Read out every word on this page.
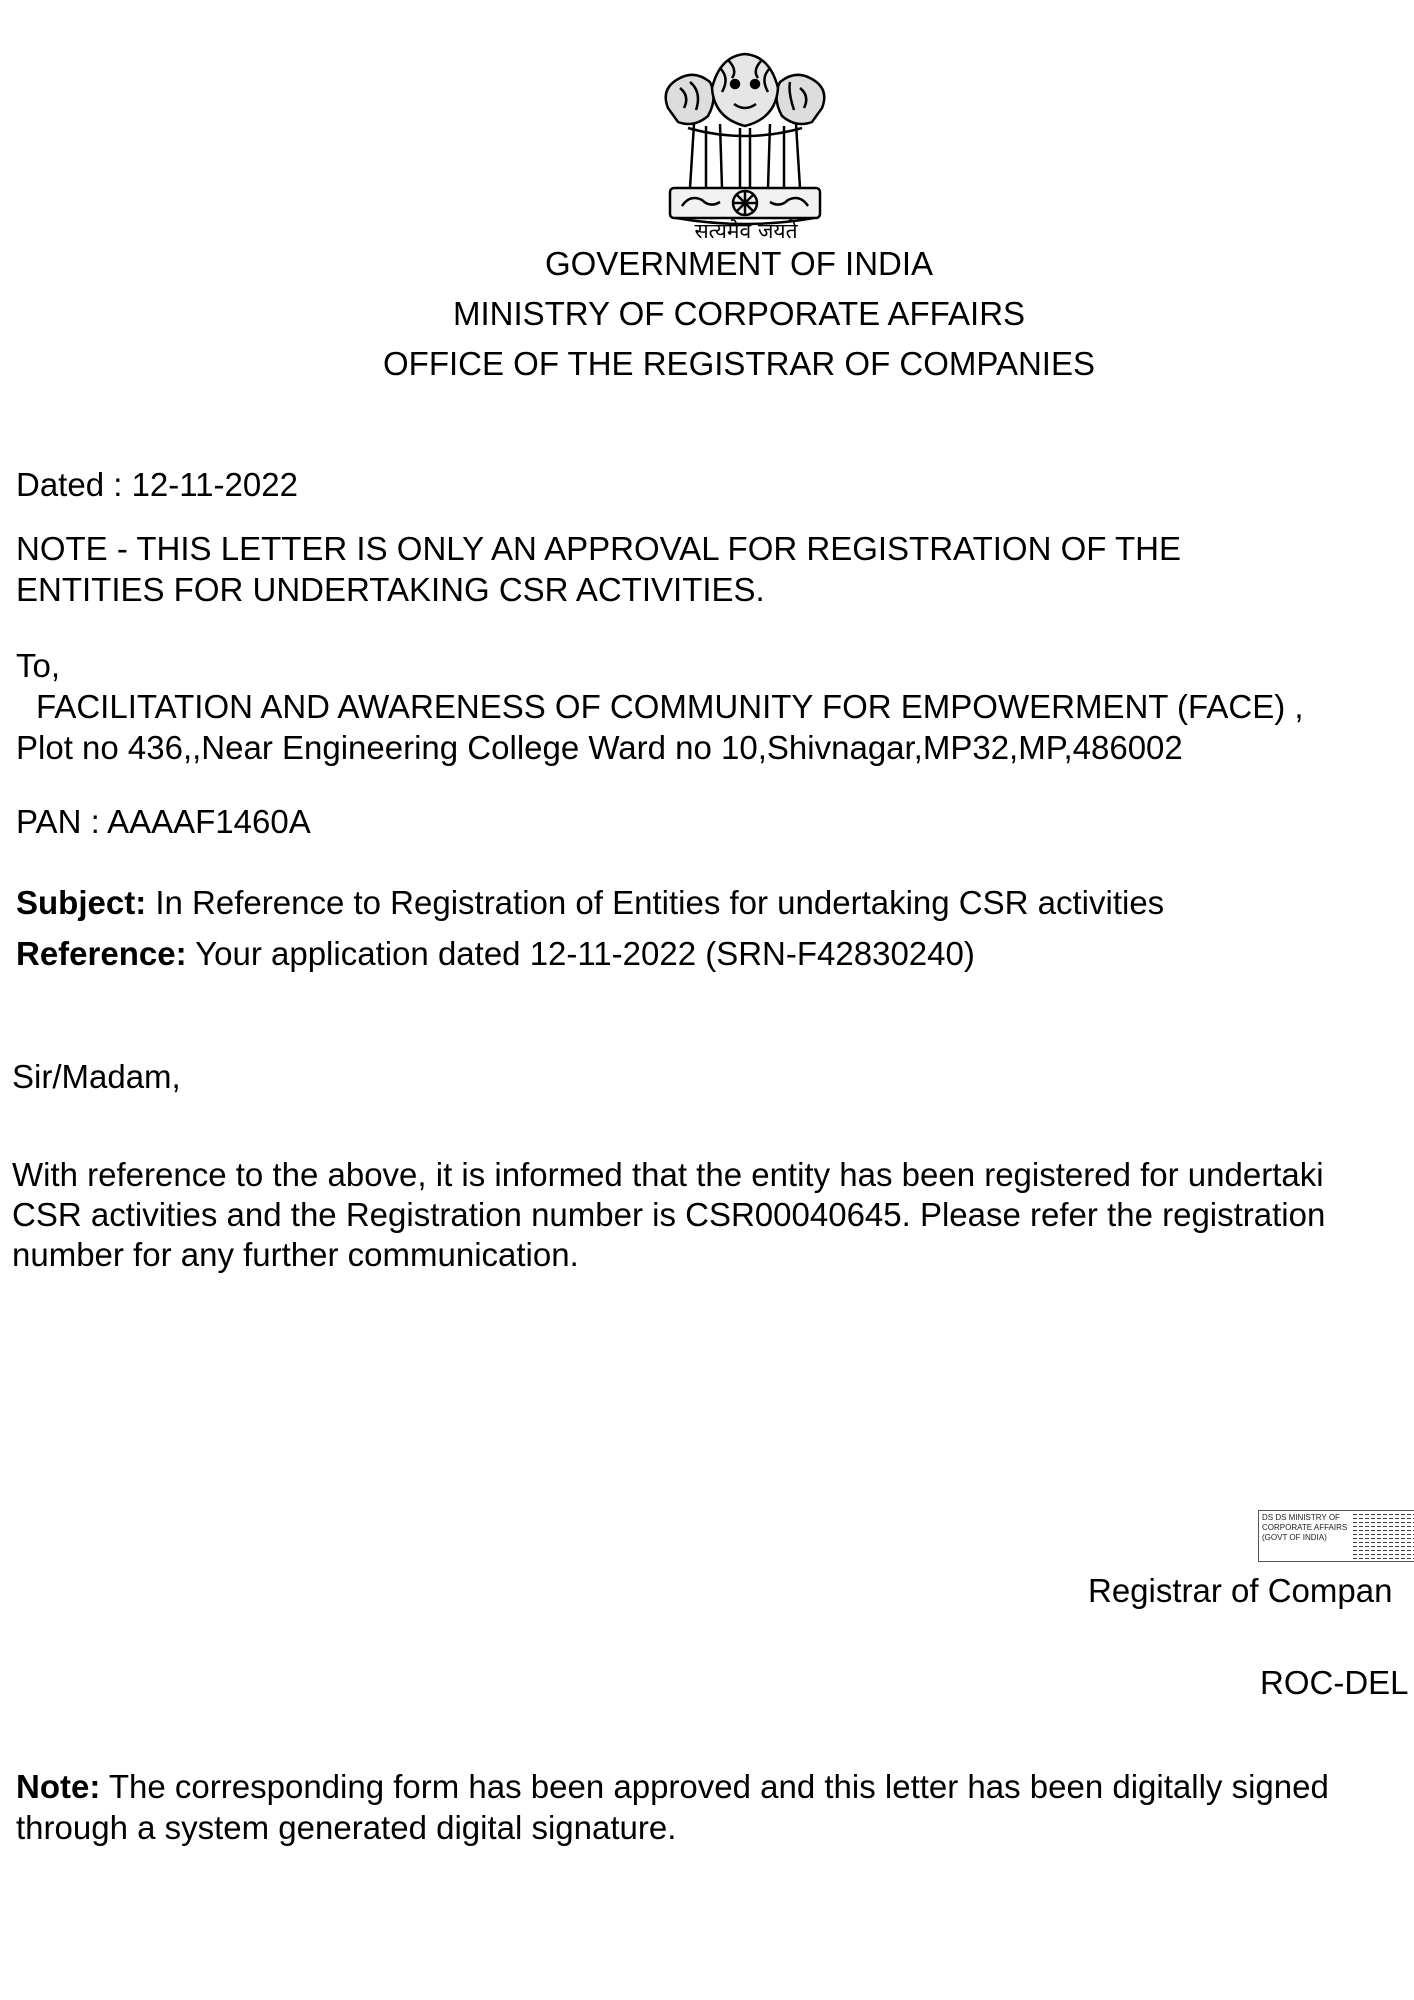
सत्यमेव जयते
GOVERNMENT OF INDIA
MINISTRY OF CORPORATE AFFAIRS
OFFICE OF THE REGISTRAR OF COMPANIES
Dated : 12-11-2022
NOTE - THIS LETTER IS ONLY AN APPROVAL FOR REGISTRATION OF THE
ENTITIES FOR UNDERTAKING CSR ACTIVITIES.
To,
FACILITATION AND AWARENESS OF COMMUNITY FOR EMPOWERMENT (FACE) ,
Plot no 436,,Near Engineering College Ward no 10,Shivnagar,MP32,MP,486002
PAN : AAAAF1460A
Subject: In Reference to Registration of Entities for undertaking CSR activities
Reference: Your application dated 12-11-2022 (SRN-F42830240)
Sir/Madam,
With reference to the above, it is informed that the entity has been registered for undertaki
CSR activities and the Registration number is CSR00040645. Please refer the registration
number for any further communication.
DS DS MINISTRY OF CORPORATE AFFAIRS (GOVT OF INDIA)
Registrar of Compan
ROC-DEL
Note: The corresponding form has been approved and this letter has been digitally signed
through a system generated digital signature.
